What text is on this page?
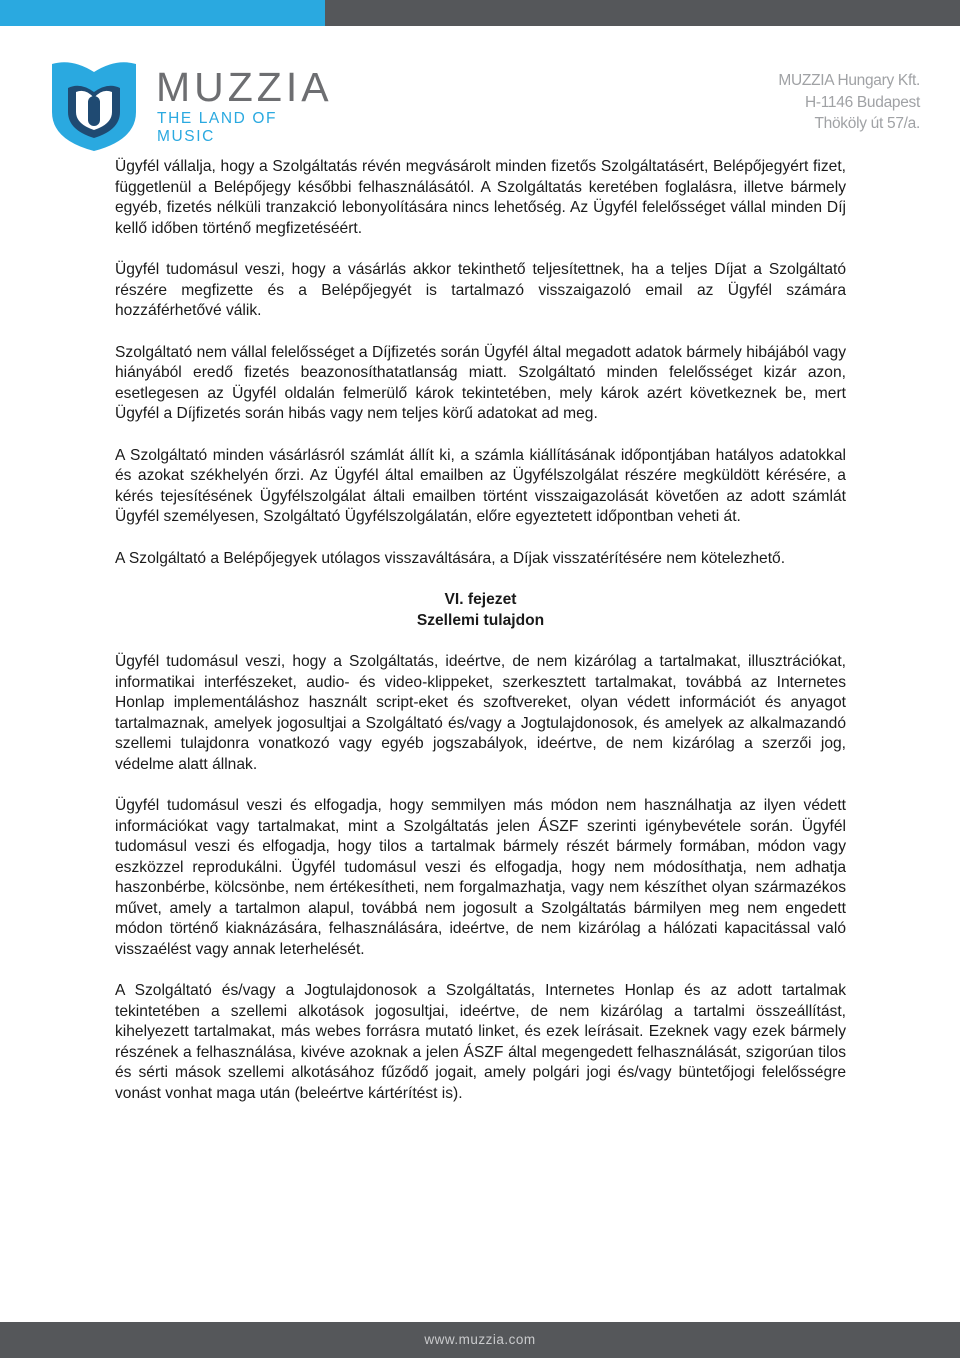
MUZZIA
THE LAND OF MUSIC
MUZZIA Hungary Kft.
H-1146 Budapest
Thököly út 57/a.

Ügyfél vállalja, hogy a Szolgáltatás révén megvásárolt minden fizetős Szolgáltatásért, Belépőjegyért fizet, függetlenül a Belépőjegy későbbi felhasználásától. A Szolgáltatás keretében foglalásra, illetve bármely egyéb, fizetés nélküli tranzakció lebonyolítására nincs lehetőség. Az Ügyfél felelősséget vállal minden Díj kellő időben történő megfizetéséért.

Ügyfél tudomásul veszi, hogy a vásárlás akkor tekinthető teljesítettnek, ha a teljes Díjat a Szolgáltató részére megfizette és a Belépőjegyét is tartalmazó visszaigazoló email az Ügyfél számára hozzáférhetővé válik.

Szolgáltató nem vállal felelősséget a Díjfizetés során Ügyfél által megadott adatok bármely hibájából vagy hiányából eredő fizetés beazonosíthatatlanság miatt. Szolgáltató minden felelősséget kizár azon, esetlegesen az Ügyfél oldalán felmerülő károk tekintetében, mely károk azért következnek be, mert Ügyfél a Díjfizetés során hibás vagy nem teljes körű adatokat ad meg.

A Szolgáltató minden vásárlásról számlát állít ki, a számla kiállításának időpontjában hatályos adatokkal és azokat székhelyén őrzi. Az Ügyfél által emailben az Ügyfélszolgálat részére megküldött kérésére, a kérés tejesítésének Ügyfélszolgálat általi emailben történt visszaigazolását követően az adott számlát Ügyfél személyesen, Szolgáltató Ügyfélszolgálatán, előre egyeztetett időpontban veheti át.

A Szolgáltató a Belépőjegyek utólagos visszaváltására, a Díjak visszatérítésére nem kötelezhető.

VI. fejezet
Szellemi tulajdon

Ügyfél tudomásul veszi, hogy a Szolgáltatás, ideértve, de nem kizárólag a tartalmakat, illusztrációkat, informatikai interfészeket, audio- és video-klippeket, szerkesztett tartalmakat, továbbá az Internetes Honlap implementáláshoz használt script-eket és szoftvereket, olyan védett információt és anyagot tartalmaznak, amelyek jogosultjai a Szolgáltató és/vagy a Jogtulajdonosok, és amelyek az alkalmazandó szellemi tulajdonra vonatkozó vagy egyéb jogszabályok, ideértve, de nem kizárólag a szerzői jog, védelme alatt állnak.

Ügyfél tudomásul veszi és elfogadja, hogy semmilyen más módon nem használhatja az ilyen védett információkat vagy tartalmakat, mint a Szolgáltatás jelen ÁSZF szerinti igénybevétele során. Ügyfél tudomásul veszi és elfogadja, hogy tilos a tartalmak bármely részét bármely formában, módon vagy eszközzel reprodukálni. Ügyfél tudomásul veszi és elfogadja, hogy nem módosíthatja, nem adhatja haszonbérbe, kölcsönbe, nem értékesítheti, nem forgalmazhatja, vagy nem készíthet olyan származékos művet, amely a tartalmon alapul, továbbá nem jogosult a Szolgáltatás bármilyen meg nem engedett módon történő kiaknázására, felhasználására, ideértve, de nem kizárólag a hálózati kapacitással való visszaélést vagy annak leterhelését.

A Szolgáltató és/vagy a Jogtulajdonosok a Szolgáltatás, Internetes Honlap és az adott tartalmak tekintetében a szellemi alkotások jogosultjai, ideértve, de nem kizárólag a tartalmi összeállítást, kihelyezett tartalmakat, más webes forrásra mutató linket, és ezek leírásait. Ezeknek vagy ezek bármely részének a felhasználása, kivéve azoknak a jelen ÁSZF által megengedett felhasználását, szigorúan tilos és sérti mások szellemi alkotásához fűződő jogait, amely polgári jogi és/vagy büntetőjogi felelősségre vonást vonhat maga után (beleértve kártérítést is).

www.muzzia.com
